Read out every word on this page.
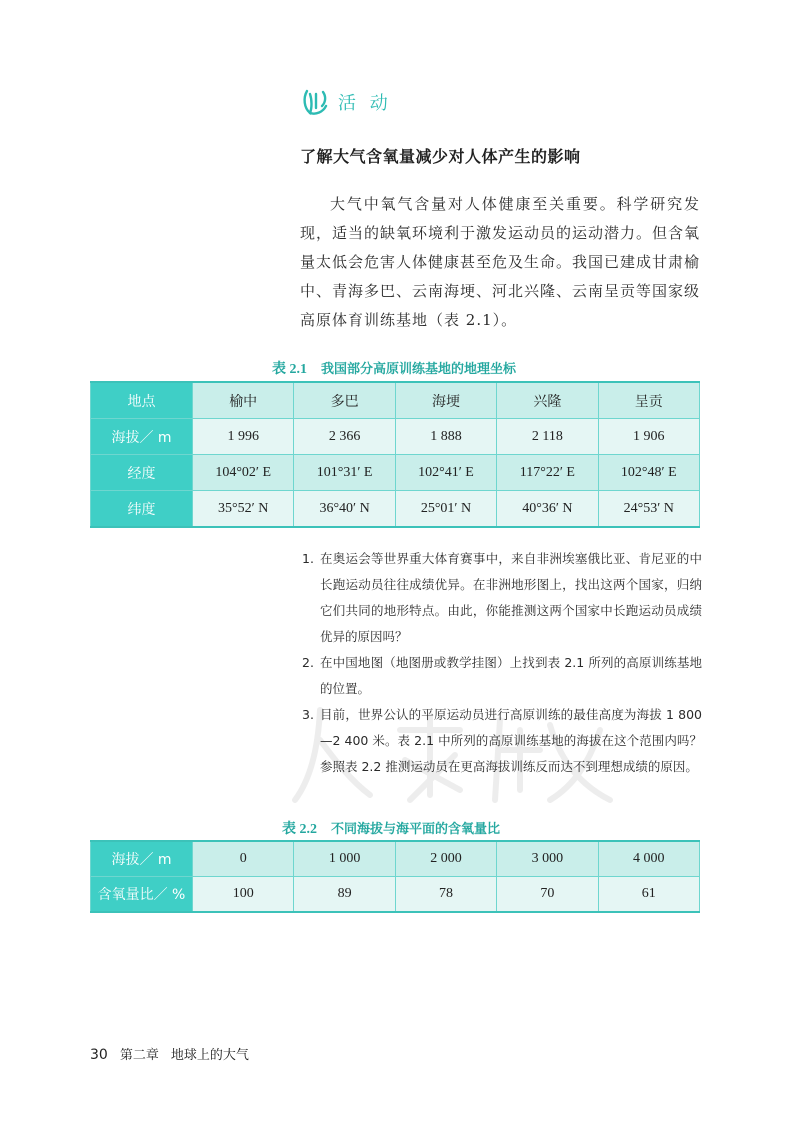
活 动
了解大气含氧量减少对人体产生的影响

大气中氧气含量对人体健康至关重要。科学研究发现，适当的缺氧环境利于激发运动员的运动潜力。但含氧量太低会危害人体健康甚至危及生命。我国已建成甘肃榆中、青海多巴、云南海埂、河北兴隆、云南呈贡等国家级高原体育训练基地（表 2.1）。

表 2.1 我国部分高原训练基地的地理坐标
地点	榆中	多巴	海埂	兴隆	呈贡
海拔／ m	1 996	2 366	1 888	2 118	1 906
经度	104°02′ E	101°31′ E	102°41′ E	117°22′ E	102°48′ E
纬度	35°52′ N	36°40′ N	25°01′ N	40°36′ N	24°53′ N
1. 在奥运会等世界重大体育赛事中，来自非洲埃塞俄比亚、肯尼亚的中长跑运动员往往成绩优异。在非洲地形图上，找出这两个国家，归纳它们共同的地形特点。由此，你能推测这两个国家中长跑运动员成绩优异的原因吗？
2. 在中国地图（地图册或教学挂图）上找到表 2.1 所列的高原训练基地的位置。
3. 目前，世界公认的平原运动员进行高原训练的最佳高度为海拔 1 800—2 400 米。表 2.1 中所列的高原训练基地的海拔在这个范围内吗？参照表 2.2 推测运动员在更高海拔训练反而达不到理想成绩的原因。
表 2.2 不同海拔与海平面的含氧量比
海拔／ m	0	1 000	2 000	3 000	4 000
含氧量比／ %	100	89	78	70	61
30 第二章 地球上的大气
